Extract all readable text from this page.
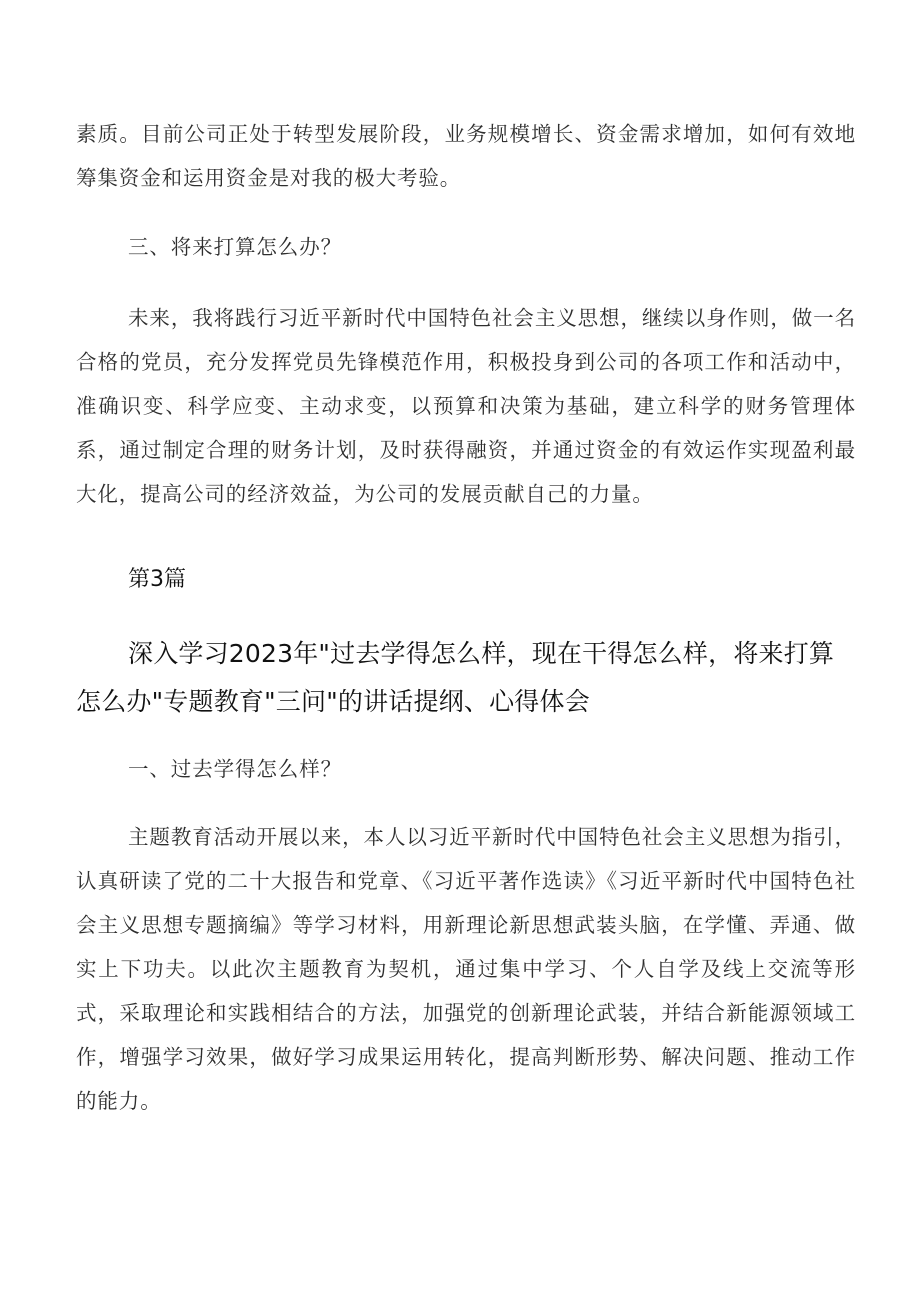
素质。目前公司正处于转型发展阶段，业务规模增长、资金需求增加，如何有效地筹集资金和运用资金是对我的极大考验。

三、将来打算怎么办？

未来，我将践行习近平新时代中国特色社会主义思想，继续以身作则，做一名合格的党员，充分发挥党员先锋模范作用，积极投身到公司的各项工作和活动中，准确识变、科学应变、主动求变，以预算和决策为基础，建立科学的财务管理体系，通过制定合理的财务计划，及时获得融资，并通过资金的有效运作实现盈利最大化，提高公司的经济效益，为公司的发展贡献自己的力量。

第3篇

深入学习2023年"过去学得怎么样，现在干得怎么样，将来打算怎么办"专题教育"三问"的讲话提纲、心得体会

一、过去学得怎么样？

主题教育活动开展以来，本人以习近平新时代中国特色社会主义思想为指引，认真研读了党的二十大报告和党章、《习近平著作选读》《习近平新时代中国特色社会主义思想专题摘编》等学习材料，用新理论新思想武装头脑，在学懂、弄通、做实上下功夫。以此次主题教育为契机，通过集中学习、个人自学及线上交流等形式，采取理论和实践相结合的方法，加强党的创新理论武装，并结合新能源领域工作，增强学习效果，做好学习成果运用转化，提高判断形势、解决问题、推动工作的能力。
